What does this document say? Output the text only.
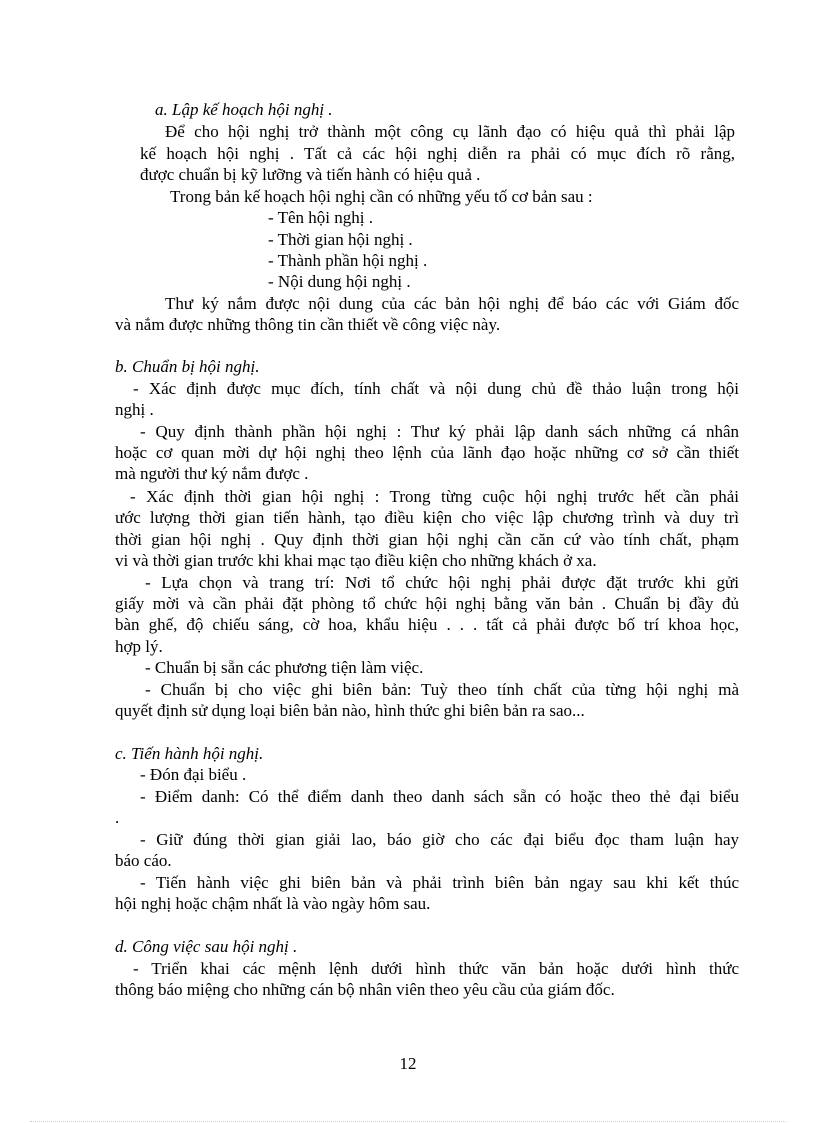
a. Lập kế hoạch hội nghị .
Để cho hội nghị trở thành một công cụ lãnh đạo có hiệu quả thì phải lập
kế hoạch hội nghị . Tất cả các hội nghị diễn ra phải có mục đích rõ rằng,
được chuẩn bị kỹ lưỡng và tiến hành có hiệu quả .
Trong bản kế hoạch hội nghị cần có những yếu tố cơ bản sau :
- Tên hội nghị .
- Thời gian hội nghị .
- Thành phần hội nghị .
- Nội dung hội nghị .
Thư ký nắm được nội dung của các bản hội nghị để báo các với Giám đốc
và nắm được những thông tin cần thiết về công việc này.
b. Chuẩn bị hội nghị.
- Xác định được mục đích, tính chất và nội dung chủ đề thảo luận trong hội
nghị .
- Quy định thành phần hội nghị : Thư ký phải lập danh sách những cá nhân
hoặc cơ quan mời dự hội nghị theo lệnh của lãnh đạo hoặc những cơ sở cần thiết
mà người thư ký nắm được .
- Xác định thời gian hội nghị : Trong từng cuộc hội nghị trước hết cần phải
ước lượng thời gian tiến hành, tạo điều kiện cho việc lập chương trình và duy trì
thời gian hội nghị . Quy định thời gian hội nghị cần căn cứ vào tính chất, phạm
vi và thời gian trước khi khai mạc tạo điều kiện cho những khách ở xa.
- Lựa chọn và trang trí: Nơi tổ chức hội nghị phải được đặt trước khi gửi
giấy mời và cần phải đặt phòng tổ chức hội nghị bằng văn bản . Chuẩn bị đầy đủ
bàn ghế, độ chiếu sáng, cờ hoa, khẩu hiệu . . . tất cả phải được bố trí khoa học,
hợp lý.
- Chuẩn bị sẵn các phương tiện làm việc.
- Chuẩn bị cho việc ghi biên bản: Tuỳ theo tính chất của từng hội nghị mà
quyết định sử dụng loại biên bản nào, hình thức ghi biên bản ra sao...
c. Tiến hành hội nghị.
- Đón đại biểu .
- Điểm danh: Có thể điểm danh theo danh sách sẵn có hoặc theo thẻ đại biểu
.
- Giữ đúng thời gian giải lao, báo giờ cho các đại biểu đọc tham luận hay
báo cáo.
- Tiến hành việc ghi biên bản và phải trình biên bản ngay sau khi kết thúc
hội nghị hoặc chậm nhất là vào ngày hôm sau.
d. Công việc sau hội nghị .
- Triển khai các mệnh lệnh dưới hình thức văn bản hoặc dưới hình thức
thông báo miệng cho những cán bộ nhân viên theo yêu cầu của giám đốc.
12
